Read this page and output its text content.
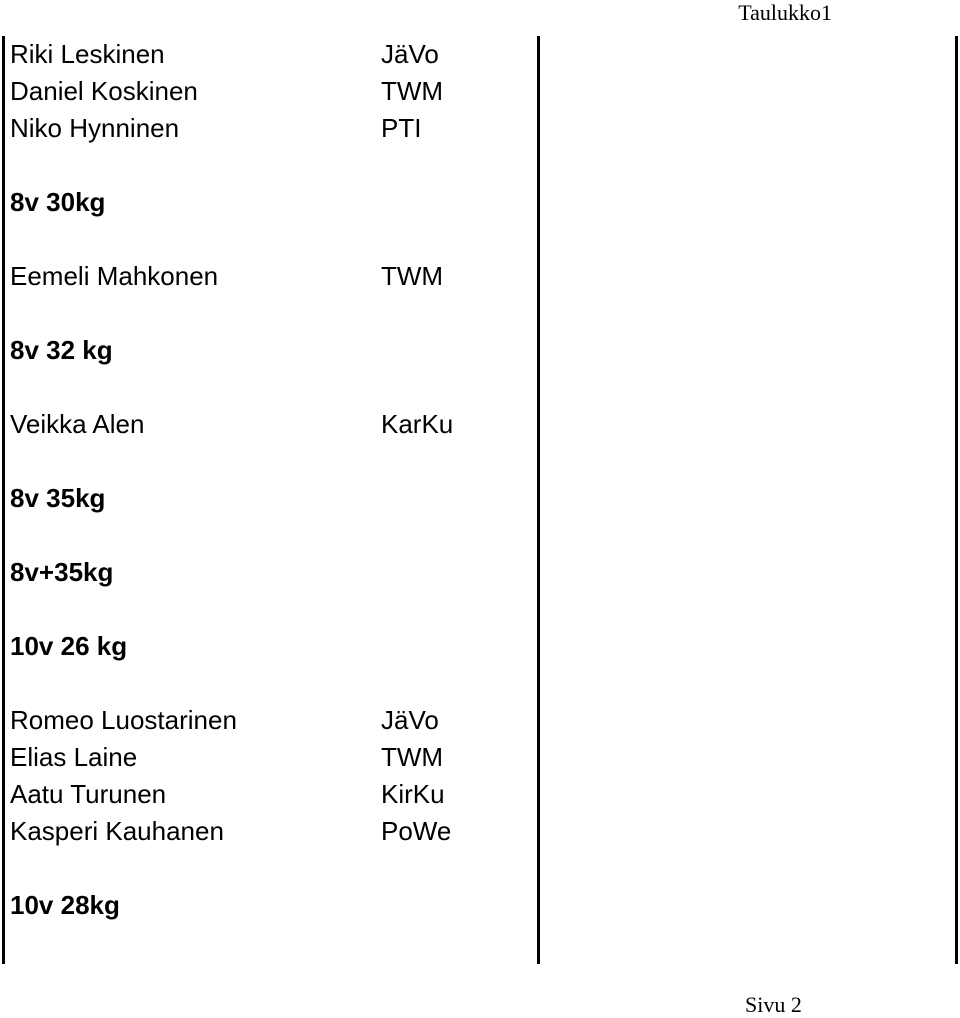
Taulukko1
Riki Leskinen	JäVo
Daniel Koskinen	TWM
Niko Hynninen	PTI
8v 30kg
Eemeli Mahkonen	TWM
8v 32 kg
Veikka Alen	KarKu
8v 35kg
8v+35kg
10v 26 kg
Romeo Luostarinen	JäVo
Elias Laine	TWM
Aatu Turunen	KirKu
Kasperi Kauhanen	PoWe
10v 28kg
Sivu 2
